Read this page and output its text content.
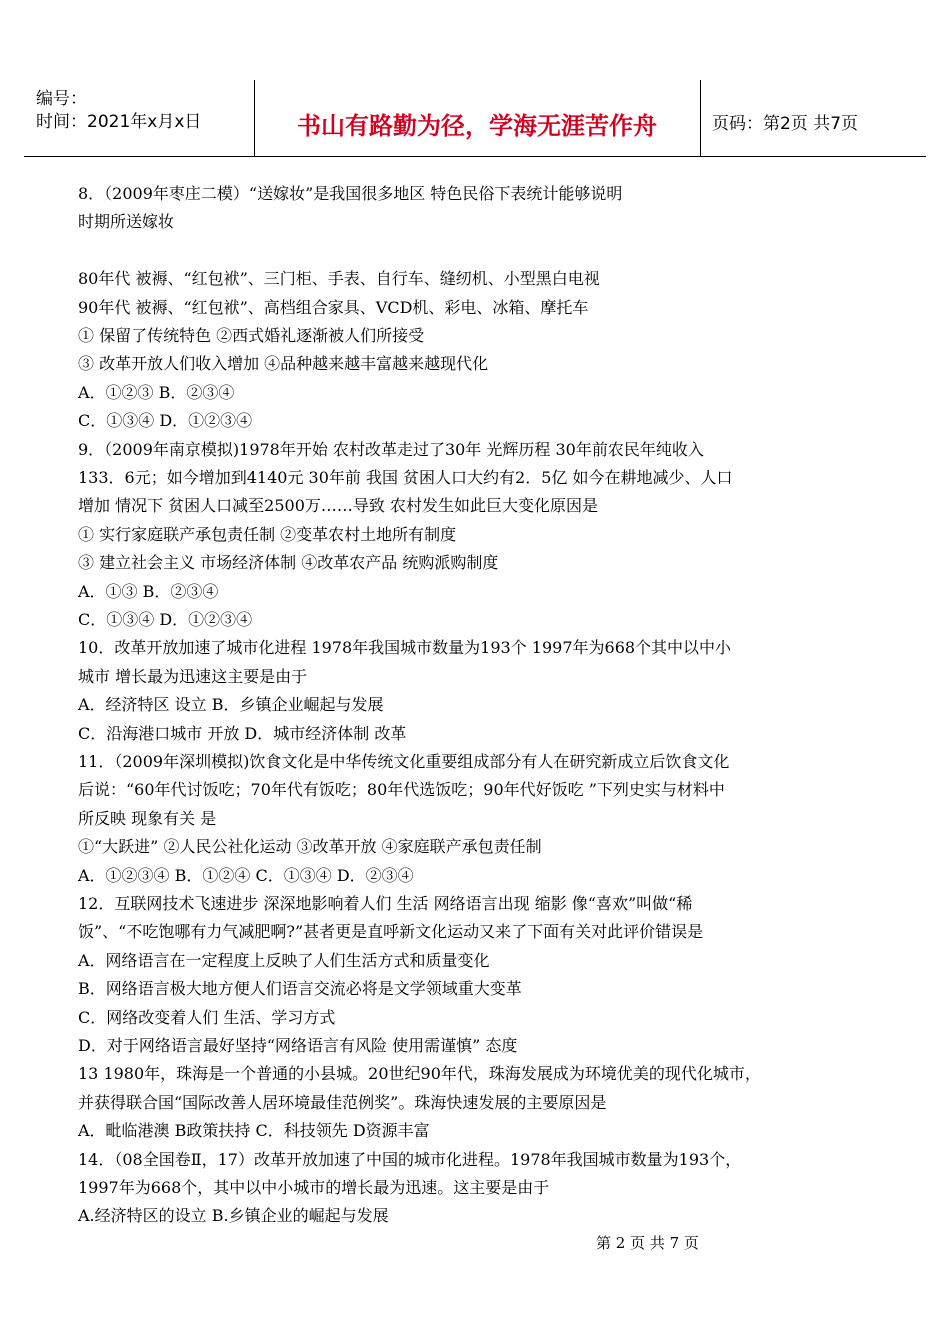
编号：
时间：2021年x月x日	书山有路勤为径，学海无涯苦作舟	页码：第2页 共7页
8．（2009年枣庄二模）“送嫁妆”是我国很多地区 特色民俗下表统计能够说明
时期所送嫁妆
80年代 被褥、“红包袱”、三门柜、手表、自行车、缝纫机、小型黑白电视
90年代 被褥、“红包袱”、高档组合家具、VCD机、彩电、冰箱、摩托车
① 保留了传统特色 ②西式婚礼逐渐被人们所接受
③ 改革开放人们收入增加 ④品种越来越丰富越来越现代化
A．①②③ B．②③④
C．①③④ D．①②③④
9．（2009年南京模拟)1978年开始 农村改革走过了30年 光辉历程 30年前农民年纯收入
133．6元；如今增加到4140元 30年前 我国 贫困人口大约有2．5亿 如今在耕地减少、人口
增加 情况下 贫困人口减至2500万……导致 农村发生如此巨大变化原因是
① 实行家庭联产承包责任制 ②变革农村土地所有制度
③ 建立社会主义 市场经济体制 ④改革农产品 统购派购制度
A．①③ B．②③④
C．①③④ D．①②③④
10．改革开放加速了城市化进程 1978年我国城市数量为193个 1997年为668个其中以中小
城市 增长最为迅速这主要是由于
A．经济特区 设立 B．乡镇企业崛起与发展
C．沿海港口城市 开放 D．城市经济体制 改革
11．（2009年深圳模拟)饮食文化是中华传统文化重要组成部分有人在研究新成立后饮食文化
后说：“60年代讨饭吃；70年代有饭吃；80年代选饭吃；90年代好饭吃 ”下列史实与材料中
所反映 现象有关 是
①“大跃进” ②人民公社化运动 ③改革开放 ④家庭联产承包责任制
A．①②③④ B．①②④ C．①③④ D．②③④
12．互联网技术飞速进步 深深地影响着人们 生活 网络语言出现 缩影 像“喜欢”叫做“稀
饭”、“不吃饱哪有力气减肥啊?”甚者更是直呼新文化运动又来了下面有关对此评价错误是
A．网络语言在一定程度上反映了人们生活方式和质量变化
B．网络语言极大地方便人们语言交流必将是文学领域重大变革
C．网络改变着人们 生活、学习方式
D．对于网络语言最好坚持“网络语言有风险 使用需谨慎” 态度
13 1980年，珠海是一个普通的小县城。20世纪90年代，珠海发展成为环境优美的现代化城市，
并获得联合国“国际改善人居环境最佳范例奖”。珠海快速发展的主要原因是
A．毗临港澳 B政策扶持 C．科技领先 D资源丰富
14．（08全国卷Ⅱ，17）改革开放加速了中国的城市化进程。1978年我国城市数量为193个，
1997年为668个，其中以中小城市的增长最为迅速。这主要是由于
A.经济特区的设立 B.乡镇企业的崛起与发展
第 2 页 共 7 页
